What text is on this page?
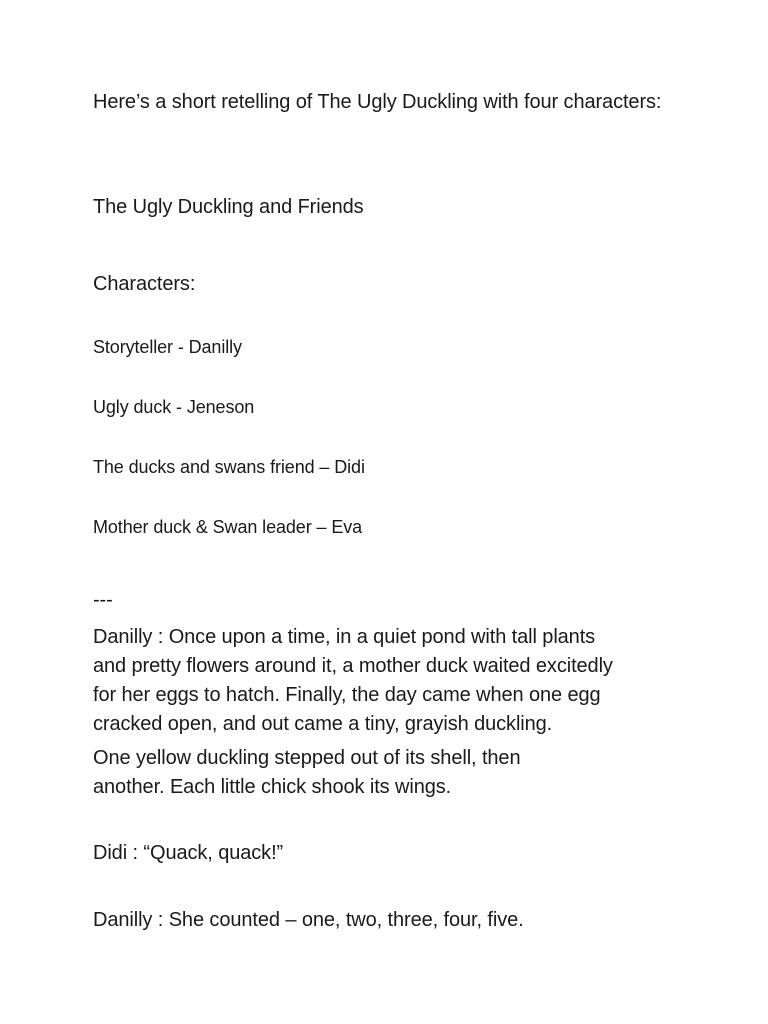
Here’s a short retelling of The Ugly Duckling with four characters:

The Ugly Duckling and Friends

Characters:

Storyteller - Danilly

Ugly duck - Jeneson

The ducks and swans friend – Didi

Mother duck & Swan leader – Eva

---

Danilly : Once upon a time, in a quiet pond with tall plants
and pretty flowers around it, a mother duck waited excitedly
for her eggs to hatch. Finally, the day came when one egg
cracked open, and out came a tiny, grayish duckling.

One yellow duckling stepped out of its shell, then
another. Each little chick shook its wings.

Didi : “Quack, quack!”

Danilly : She counted – one, two, three, four, five.
